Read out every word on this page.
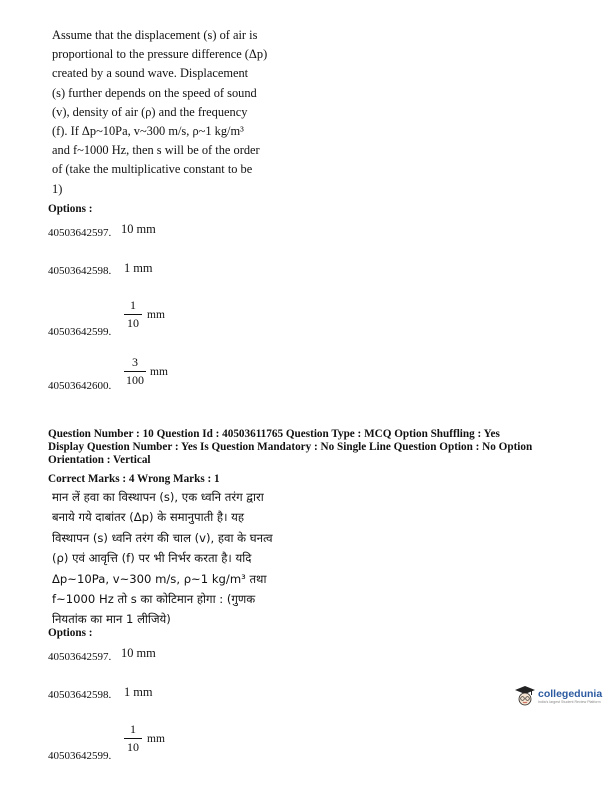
Assume that the displacement (s) of air is
proportional to the pressure difference (Δp)
created by a sound wave. Displacement
(s) further depends on the speed of sound
(v), density of air (ρ) and the frequency
(f). If Δp~10Pa, v~300 m/s, ρ~1 kg/m³
and f~1000 Hz, then s will be of the order
of (take the multiplicative constant to be
1)
Options :
40503642597. 10 mm
40503642598. 1 mm
40503642599.
1
10
mm
40503642600.
3
100
mm
Question Number : 10 Question Id : 40503611765 Question Type : MCQ Option Shuffling : Yes
Display Question Number : Yes Is Question Mandatory : No Single Line Question Option : No Option
Orientation : Vertical
Correct Marks : 4 Wrong Marks : 1
मान लें हवा का विस्थापन (s), एक ध्वनि तरंग द्वारा
बनाये गये दाबांतर (Δp) के समानुपाती है। यह
विस्थापन (s) ध्वनि तरंग की चाल (v), हवा के घनत्व
(ρ) एवं आवृत्ति (f) पर भी निर्भर करता है। यदि
Δp~10Pa, v~300 m/s, ρ~1 kg/m³ तथा
f~1000 Hz तो s का कोटिमान होगा : (गुणक
नियतांक का मान 1 लीजिये)
Options :
40503642597. 10 mm
40503642598. 1 mm
40503642599.
1
10
mm
collegedunia
India's largest Student Review Platform
